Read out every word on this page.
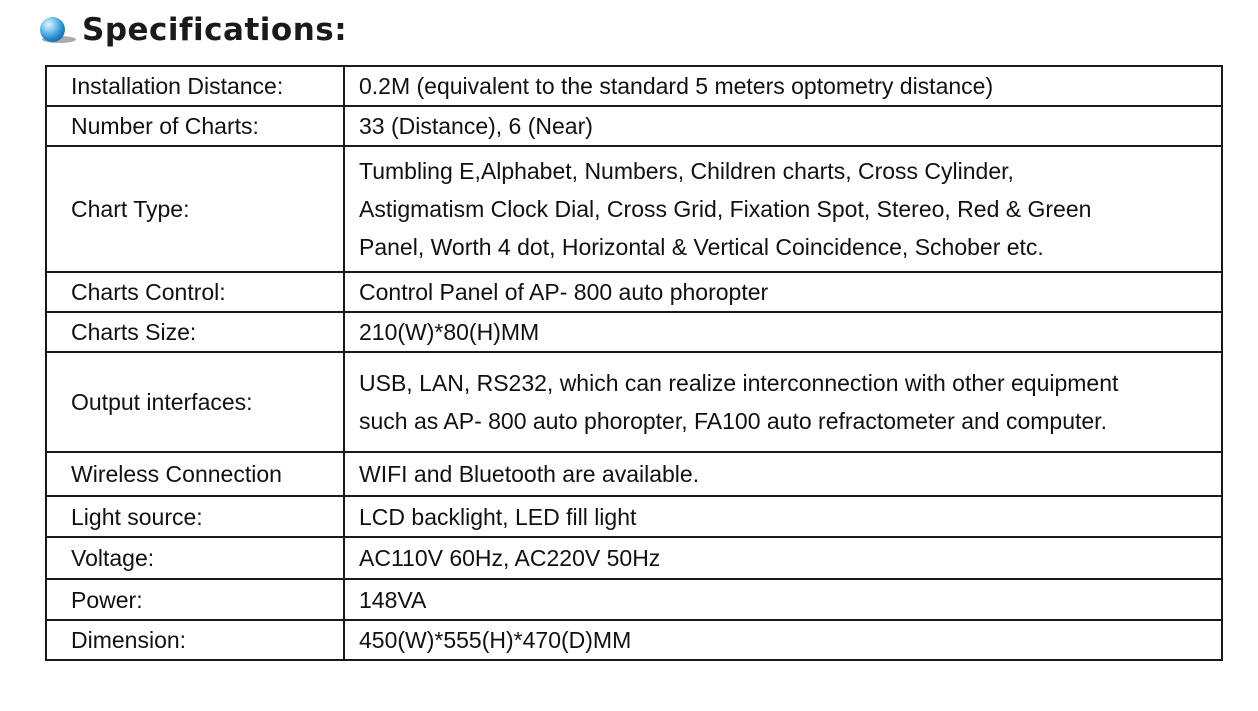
Specifications:
Installation Distance:	0.2M (equivalent to the standard 5 meters optometry distance)

Number of Charts:	33 (Distance), 6 (Near)

Chart Type:	Tumbling E,Alphabet, Numbers, Children charts, Cross Cylinder,
Astigmatism Clock Dial, Cross Grid, Fixation Spot, Stereo, Red & Green
Panel, Worth 4 dot, Horizontal & Vertical Coincidence, Schober etc.

Charts Control:	Control Panel of AP- 800 auto phoropter

Charts Size:	210(W)*80(H)MM

Output interfaces:	USB, LAN, RS232, which can realize interconnection with other equipment
such as AP- 800 auto phoropter, FA100 auto refractometer and computer.

Wireless Connection	WIFI and Bluetooth are available.

Light source:	LCD backlight, LED fill light

Voltage:	AC110V 60Hz, AC220V 50Hz

Power:	148VA

Dimension:	450(W)*555(H)*470(D)MM
